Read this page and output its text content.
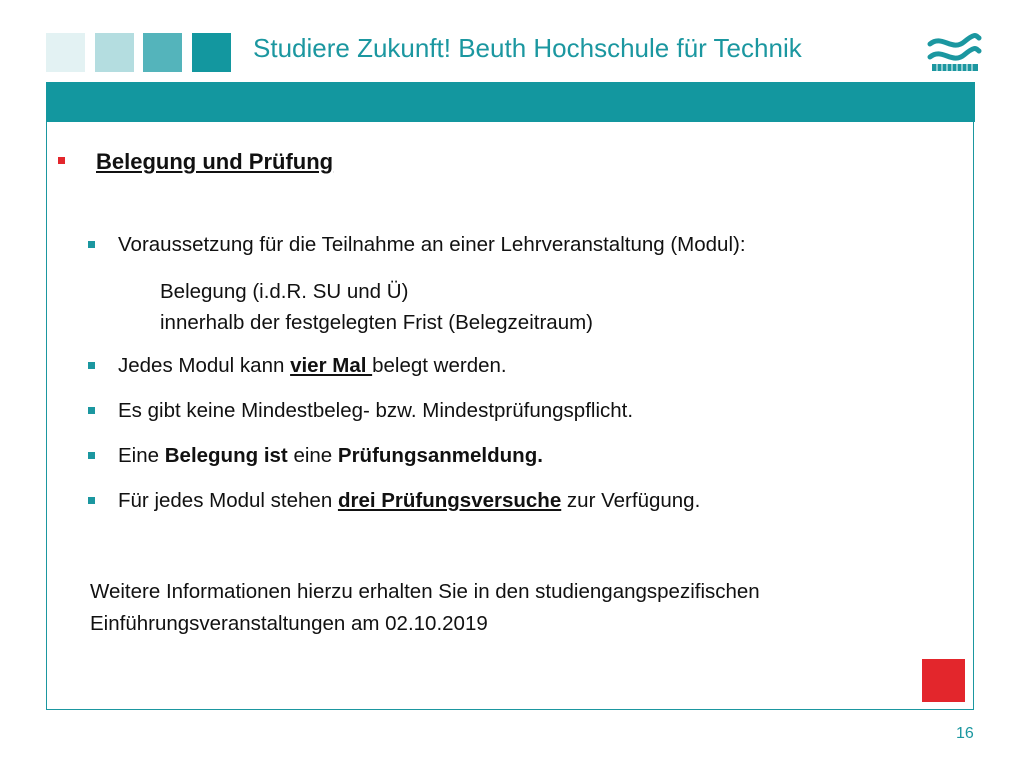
Studiere Zukunft! Beuth Hochschule für Technik
Belegung und Prüfung
Voraussetzung für die Teilnahme an einer Lehrveranstaltung (Modul):
Belegung (i.d.R. SU und Ü)
innerhalb der festgelegten Frist (Belegzeitraum)
Jedes Modul kann vier Mal belegt werden.
Es gibt keine Mindestbeleg- bzw. Mindestprüfungspflicht.
Eine Belegung ist eine Prüfungsanmeldung.
Für jedes Modul stehen drei Prüfungsversuche zur Verfügung.
Weitere Informationen hierzu erhalten Sie in den studiengangspezifischen
Einführungsveranstaltungen am 02.10.2019
16
